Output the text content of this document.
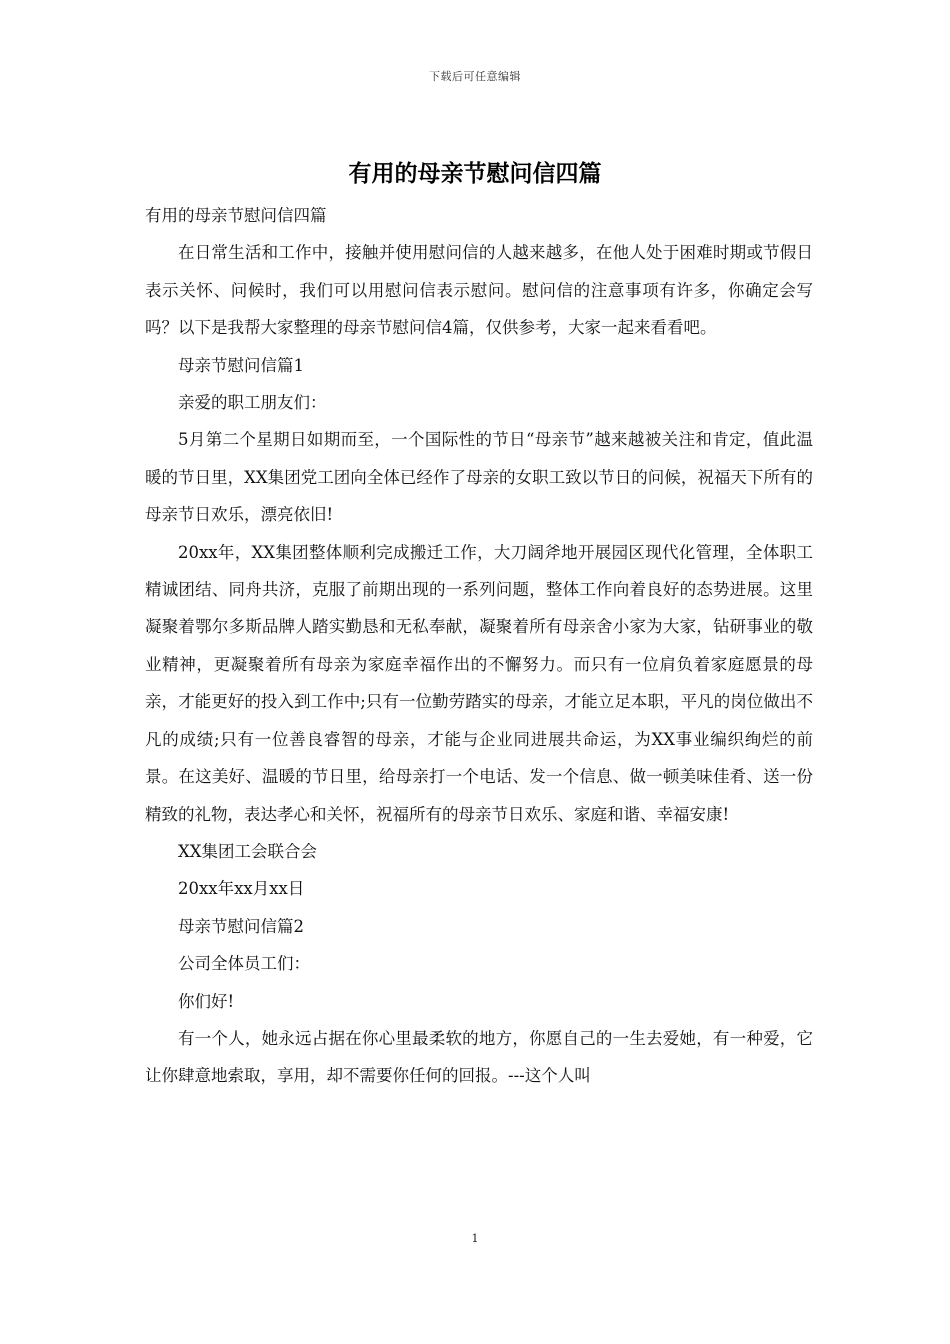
下载后可任意编辑
有用的母亲节慰问信四篇

有用的母亲节慰问信四篇

在日常生活和工作中，接触并使用慰问信的人越来越多，在他人处于困难时期或节假日表示关怀、问候时，我们可以用慰问信表示慰问。慰问信的注意事项有许多，你确定会写吗？以下是我帮大家整理的母亲节慰问信4篇，仅供参考，大家一起来看看吧。

母亲节慰问信篇1

亲爱的职工朋友们：

5月第二个星期日如期而至，一个国际性的节日“母亲节”越来越被关注和肯定，值此温暖的节日里，XX集团党工团向全体已经作了母亲的女职工致以节日的问候，祝福天下所有的母亲节日欢乐，漂亮依旧!

20xx年，XX集团整体顺利完成搬迁工作，大刀阔斧地开展园区现代化管理，全体职工精诚团结、同舟共济，克服了前期出现的一系列问题，整体工作向着良好的态势进展。这里凝聚着鄂尔多斯品牌人踏实勤恳和无私奉献，凝聚着所有母亲舍小家为大家，钻研事业的敬业精神，更凝聚着所有母亲为家庭幸福作出的不懈努力。而只有一位肩负着家庭愿景的母亲，才能更好的投入到工作中;只有一位勤劳踏实的母亲，才能立足本职，平凡的岗位做出不凡的成绩;只有一位善良睿智的母亲，才能与企业同进展共命运，为XX事业编织绚烂的前景。在这美好、温暖的节日里，给母亲打一个电话、发一个信息、做一顿美味佳肴、送一份精致的礼物，表达孝心和关怀，祝福所有的母亲节日欢乐、家庭和谐、幸福安康!

XX集团工会联合会

20xx年xx月xx日

母亲节慰问信篇2

公司全体员工们：

你们好!

有一个人，她永远占据在你心里最柔软的地方，你愿自己的一生去爱她，有一种爱，它让你肆意地索取，享用，却不需要你任何的回报。---这个人叫

1
